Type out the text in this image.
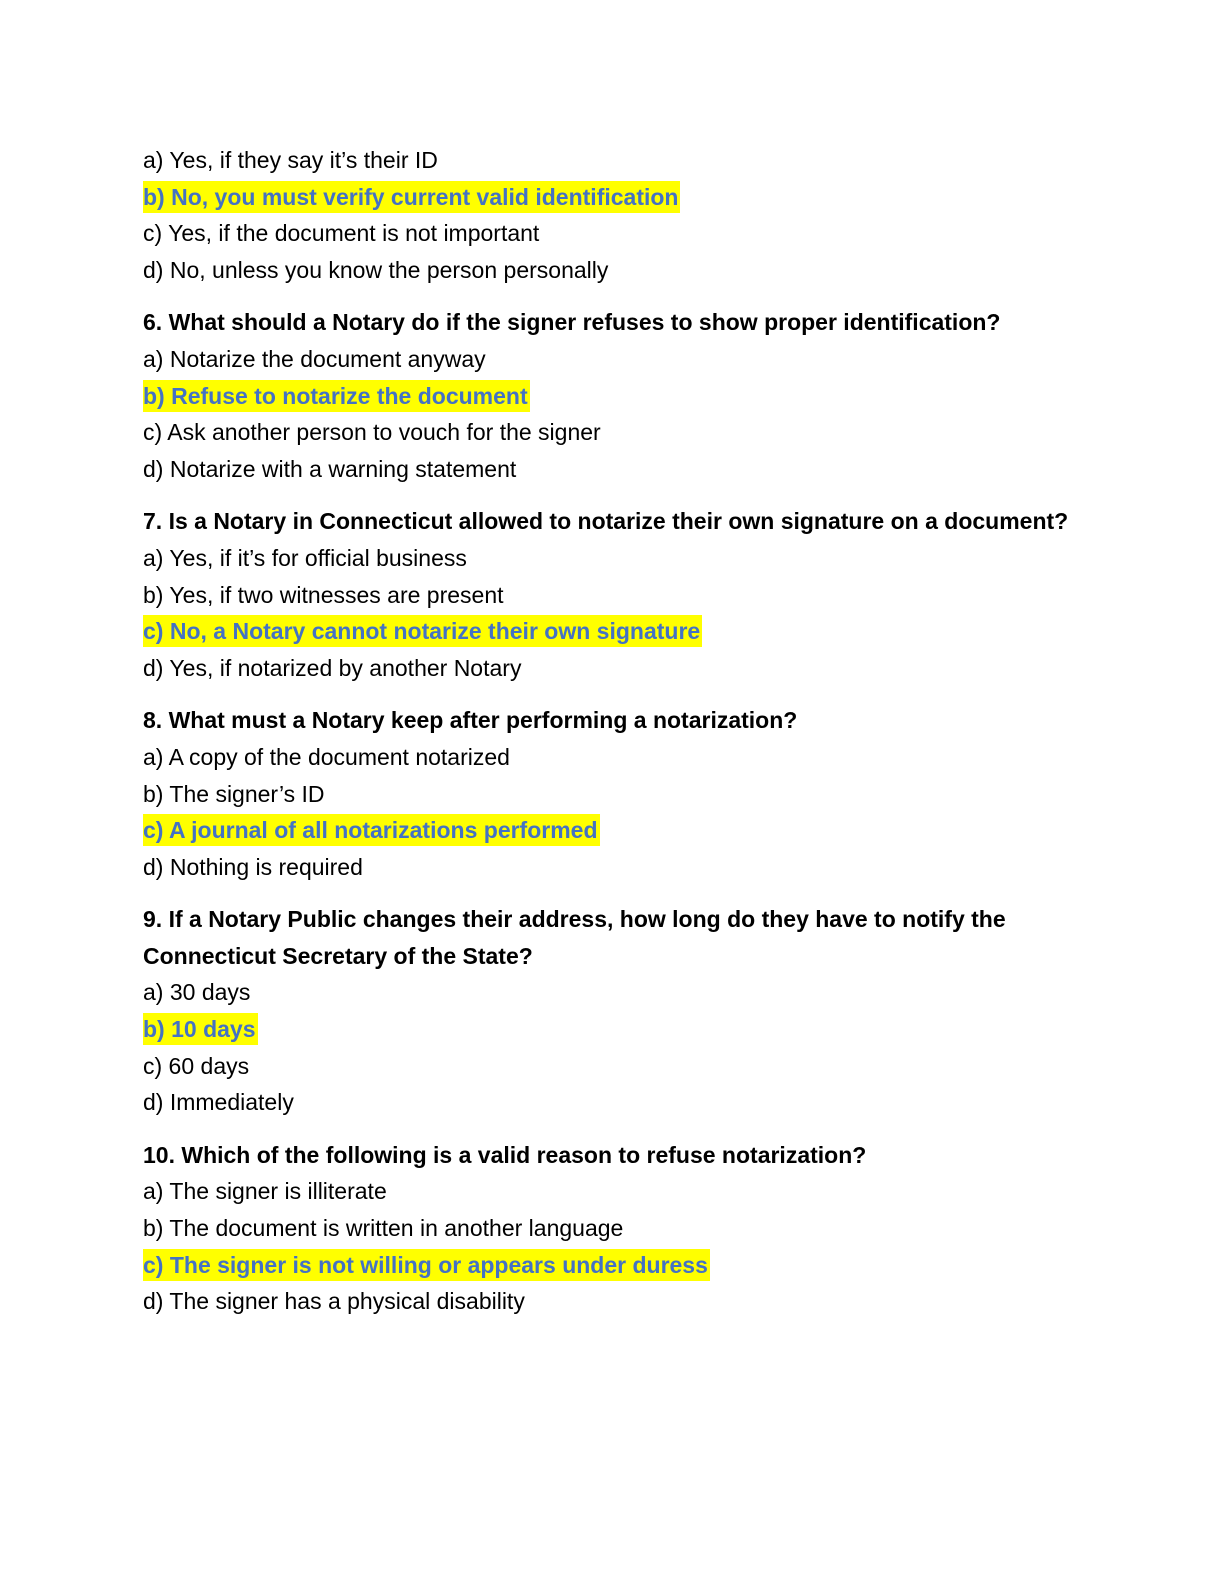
a) Yes, if they say it’s their ID
b) No, you must verify current valid identification
c) Yes, if the document is not important
d) No, unless you know the person personally
6. What should a Notary do if the signer refuses to show proper identification?
a) Notarize the document anyway
b) Refuse to notarize the document
c) Ask another person to vouch for the signer
d) Notarize with a warning statement
7. Is a Notary in Connecticut allowed to notarize their own signature on a document?
a) Yes, if it’s for official business
b) Yes, if two witnesses are present
c) No, a Notary cannot notarize their own signature
d) Yes, if notarized by another Notary
8. What must a Notary keep after performing a notarization?
a) A copy of the document notarized
b) The signer’s ID
c) A journal of all notarizations performed
d) Nothing is required
9. If a Notary Public changes their address, how long do they have to notify the Connecticut Secretary of the State?
a) 30 days
b) 10 days
c) 60 days
d) Immediately
10. Which of the following is a valid reason to refuse notarization?
a) The signer is illiterate
b) The document is written in another language
c) The signer is not willing or appears under duress
d) The signer has a physical disability
